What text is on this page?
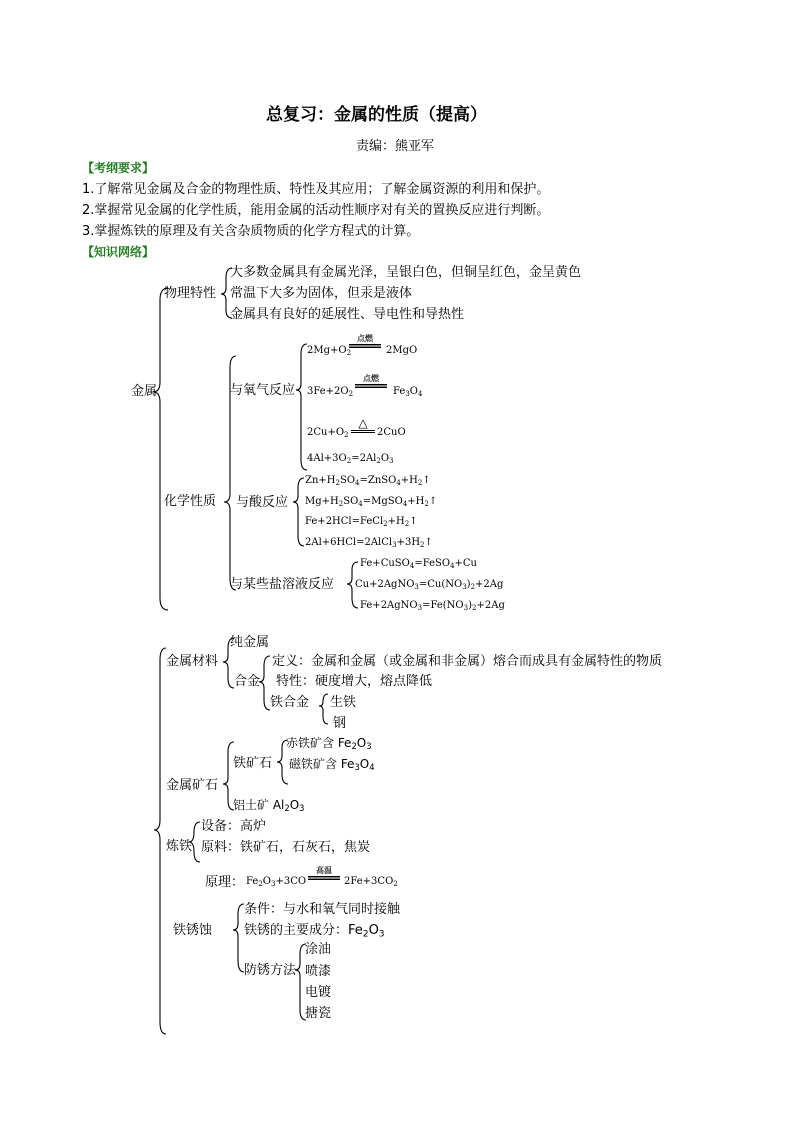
总复习：金属的性质（提高）
责编：熊亚军
【考纲要求】
1.了解常见金属及合金的物理性质、特性及其应用；了解金属资源的利用和保护。
2.掌握常见金属的化学性质，能用金属的活动性顺序对有关的置换反应进行判断。
3.掌握炼铁的原理及有关含杂质物质的化学方程式的计算。
【知识网络】
金属
物理特性
大多数金属具有金属光泽，呈银白色，但铜呈红色，金呈黄色
常温下大多为固体，但汞是液体
金属具有良好的延展性、导电性和导热性
化学性质
与氧气反应
$2Mg+O_2$
点燃
2MgO
$3Fe+2O_2$
点燃
$Fe_3O_4$
$2Cu+O_2$
△
2CuO
$4Al+3O_2=2Al_2O_3$
与酸反应
$Zn+H_2SO_4=ZnSO_4+H_2↑$
$Mg+H_2SO_4=MgSO_4+H_2↑$
$Fe+2HCl=FeCl_2+H_2↑$
$2Al+6HCl=2AlCl_3+3H_2↑$
与某些盐溶液反应
Fe+CuSO$_4$=FeSO$_4$+Cu
$Cu+2AgNO_3=Cu(NO_3)_2+2Ag$
$Fe+2AgNO_3=Fe(NO_3)_2+2Ag$
金属材料
纯金属
合金
定义：金属和金属（或金属和非金属）熔合而成具有金属特性的物质
特性：硬度增大，熔点降低
铁合金 生铁
钢
金属矿石
铁矿石
赤铁矿含 $Fe_2O_3$
磁铁矿含 $Fe_3O_4$
铝土矿 $Al_2O_3$
炼铁
设备：高炉
原料：铁矿石，石灰石，焦炭
原理： $Fe_2O_3+3CO$
高温
$2Fe+3CO_2$
铁锈蚀
条件：与水和氧气同时接触
铁锈的主要成分：$Fe_2O_3$
防锈方法
涂油
喷漆
电镀
搪瓷
